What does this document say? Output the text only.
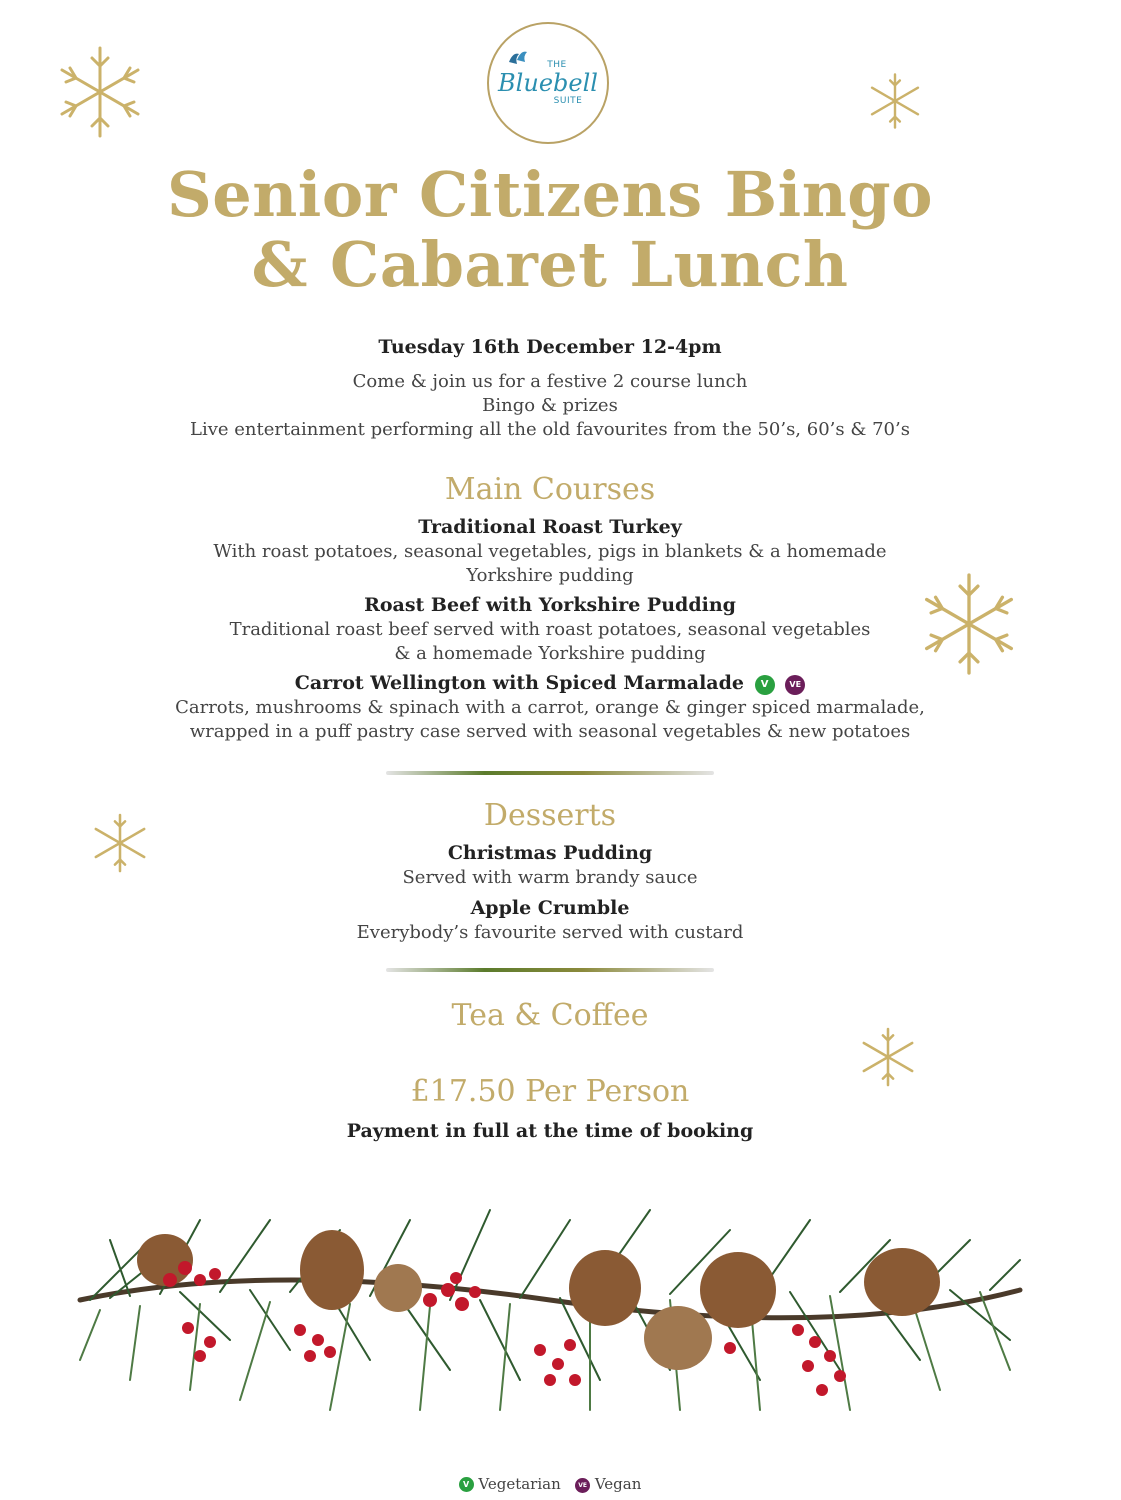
THE
Bluebell
SUITE
Senior Citizens Bingo
& Cabaret Lunch
Tuesday 16th December 12-4pm
Come & join us for a festive 2 course lunch
Bingo & prizes
Live entertainment performing all the old favourites from the 50’s, 60’s & 70’s
Main Courses
Traditional Roast Turkey
With roast potatoes, seasonal vegetables, pigs in blankets & a homemade
Yorkshire pudding
Roast Beef with Yorkshire Pudding
Traditional roast beef served with roast potatoes, seasonal vegetables
& a homemade Yorkshire pudding
Carrot Wellington with Spiced Marmalade V	VE
Carrots, mushrooms & spinach with a carrot, orange & ginger spiced marmalade,
wrapped in a puff pastry case served with seasonal vegetables & new potatoes
Desserts
Christmas Pudding
Served with warm brandy sauce
Apple Crumble
Everybody’s favourite served with custard
Tea & Coffee
£17.50 Per Person
Payment in full at the time of booking
V Vegetarian	VE Vegan
